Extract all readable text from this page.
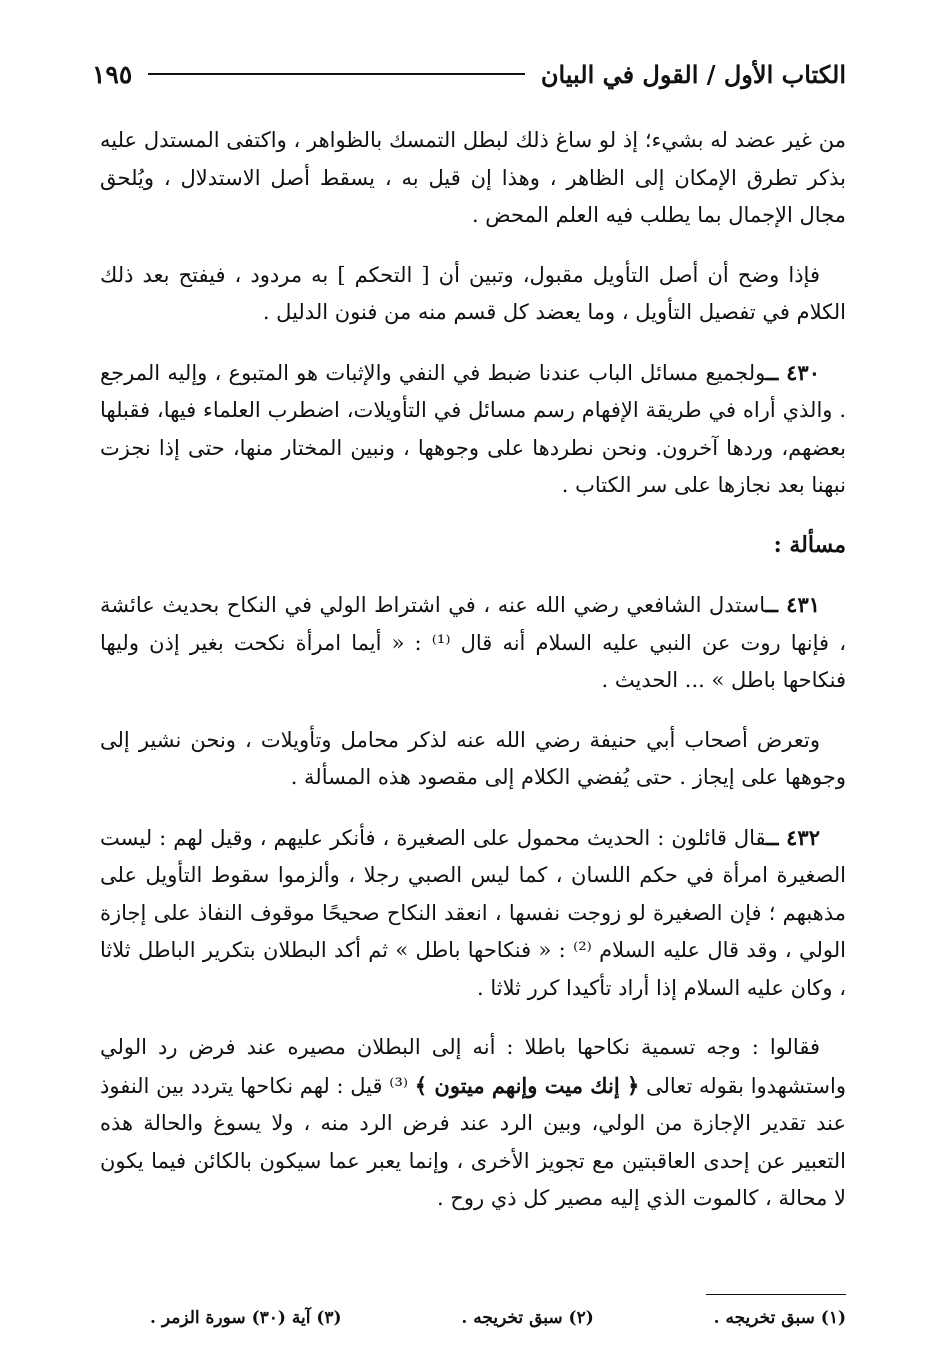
الكتاب الأول / القول في البيان
١٩٥

من غير عضد له بشيء؛ إذ لو ساغ ذلك لبطل التمسك بالظواهر ، واكتفى المستدل عليه بذكر تطرق الإمكان إلى الظاهر ، وهذا إن قيل به ، يسقط أصل الاستدلال ، ويُلحق مجال الإجمال بما يطلب فيه العلم المحض .

فإذا وضح أن أصل التأويل مقبول، وتبين أن [ التحكم ] به مردود ، فيفتح بعد ذلك الكلام في تفصيل التأويل ، وما يعضد كل قسم منه من فنون الدليل .

٤٣٠ ــولجميع مسائل الباب عندنا ضبط في النفي والإثبات هو المتبوع ، وإليه المرجع . والذي أراه في طريقة الإفهام رسم مسائل في التأويلات، اضطرب العلماء فيها، فقبلها بعضهم، وردها آخرون. ونحن نطردها على وجوهها ، ونبين المختار منها، حتى إذا نجزت نبهنا بعد نجازها على سر الكتاب .

مسألة :

٤٣١ ــاستدل الشافعي رضي الله عنه ، في اشتراط الولي في النكاح بحديث عائشة ، فإنها روت عن النبي عليه السلام أنه قال ⁽¹⁾ : « أيما امرأة نكحت بغير إذن وليها فنكاحها باطل » ... الحديث .

وتعرض أصحاب أبي حنيفة رضي الله عنه لذكر محامل وتأويلات ، ونحن نشير إلى وجوهها على إيجاز . حتى يُفضي الكلام إلى مقصود هذه المسألة .

٤٣٢ ــقال قائلون : الحديث محمول على الصغيرة ، فأنكر عليهم ، وقيل لهم : ليست الصغيرة امرأة في حكم اللسان ، كما ليس الصبي رجلا ، وألزموا سقوط التأويل على مذهبهم ؛ فإن الصغيرة لو زوجت نفسها ، انعقد النكاح صحيحًا موقوف النفاذ على إجازة الولي ، وقد قال عليه السلام ⁽²⁾ : « فنكاحها باطل » ثم أكد البطلان بتكرير الباطل ثلاثا ، وكان عليه السلام إذا أراد تأكيدا كرر ثلاثا .

فقالوا : وجه تسمية نكاحها باطلا : أنه إلى البطلان مصيره عند فرض رد الولي واستشهدوا بقوله تعالى ﴿ إنك ميت وإنهم ميتون ﴾ ⁽³⁾ قيل : لهم نكاحها يتردد بين النفوذ عند تقدير الإجازة من الولي، وبين الرد عند فرض الرد منه ، ولا يسوغ والحالة هذه التعبير عن إحدى العاقبتين مع تجويز الأخرى ، وإنما يعبر عما سيكون بالكائن فيما يكون لا محالة ، كالموت الذي إليه مصير كل ذي روح .

(١) سبق تخريجه .
(٢) سبق تخريجه .
(٣) آية (٣٠) سورة الزمر .
